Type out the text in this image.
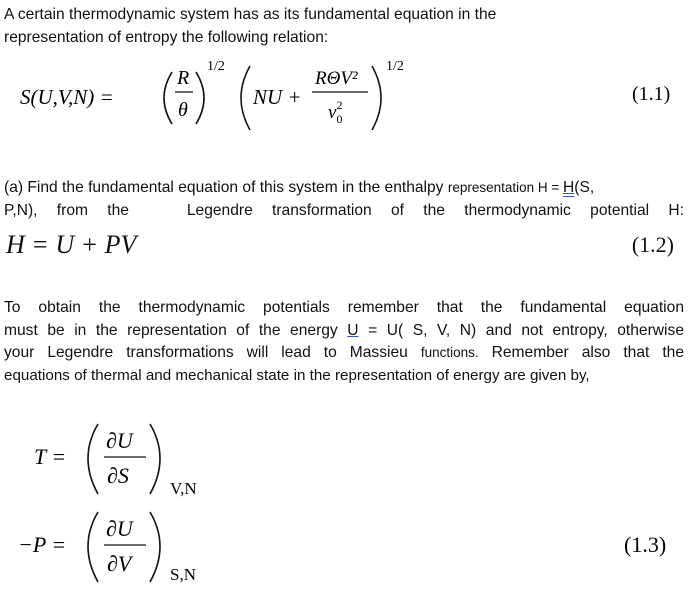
A certain thermodynamic system has as its fundamental equation in the
representation of entropy the following relation:
S(U,V,N) =
R
θ
1/2
NU +
RΘV²
$v^2$ 0
1/2
(1.1)
(a) Find the fundamental equation of this system in the enthalpy representation H = H(S,
P,N), from the	Legendre transformation of the thermodynamic potential H:
H = U + PV	(1.2)
To obtain the thermodynamic potentials remember that the fundamental equation
must be in the representation of the energy U = U( S, V, N) and not entropy, otherwise
your Legendre transformations will lead to Massieu functions. Remember also that the
equations of thermal and mechanical state in the representation of energy are given by,
T =
∂U
∂S
V,N
−P =
∂U
∂V S,N
(1.3)
